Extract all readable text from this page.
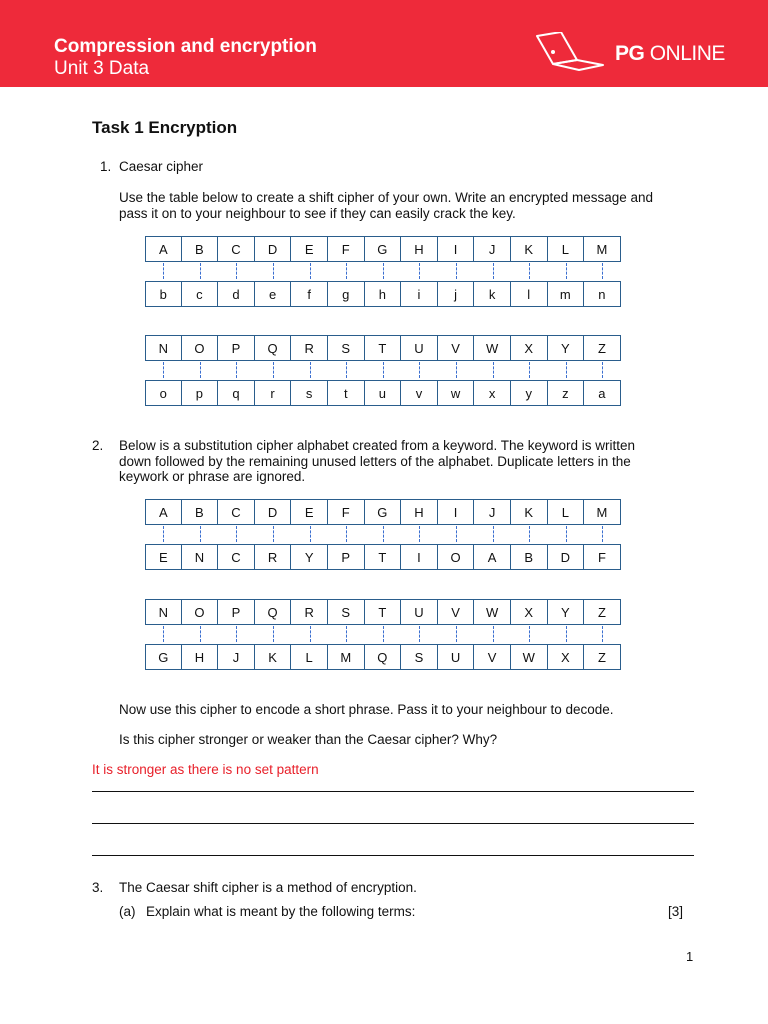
Compression and encryption
Unit 3 Data
PG ONLINE
Task 1 Encryption
1. Caesar cipher
Use the table below to create a shift cipher of your own. Write an encrypted message and
pass it on to your neighbour to see if they can easily crack the key.
A	B	C	D	E	F	G	H	I	J	K	L	M
b	c	d	e	f	g	h	i	j	k	l	m	n
N	O	P	Q	R	S	T	U	V	W	X	Y	Z
o	p	q	r	s	t	u	v	w	x	y	z	a
2. Below is a substitution cipher alphabet created from a keyword. The keyword is written
down followed by the remaining unused letters of the alphabet. Duplicate letters in the
keywork or phrase are ignored.
A	B	C	D	E	F	G	H	I	J	K	L	M
E	N	C	R	Y	P	T	I	O	A	B	D	F
N	O	P	Q	R	S	T	U	V	W	X	Y	Z
G	H	J	K	L	M	Q	S	U	V	W	X	Z
Now use this cipher to encode a short phrase. Pass it to your neighbour to decode.
Is this cipher stronger or weaker than the Caesar cipher? Why?
It is stronger as there is no set pattern
3. The Caesar shift cipher is a method of encryption.
(a) Explain what is meant by the following terms:	[3]
1
